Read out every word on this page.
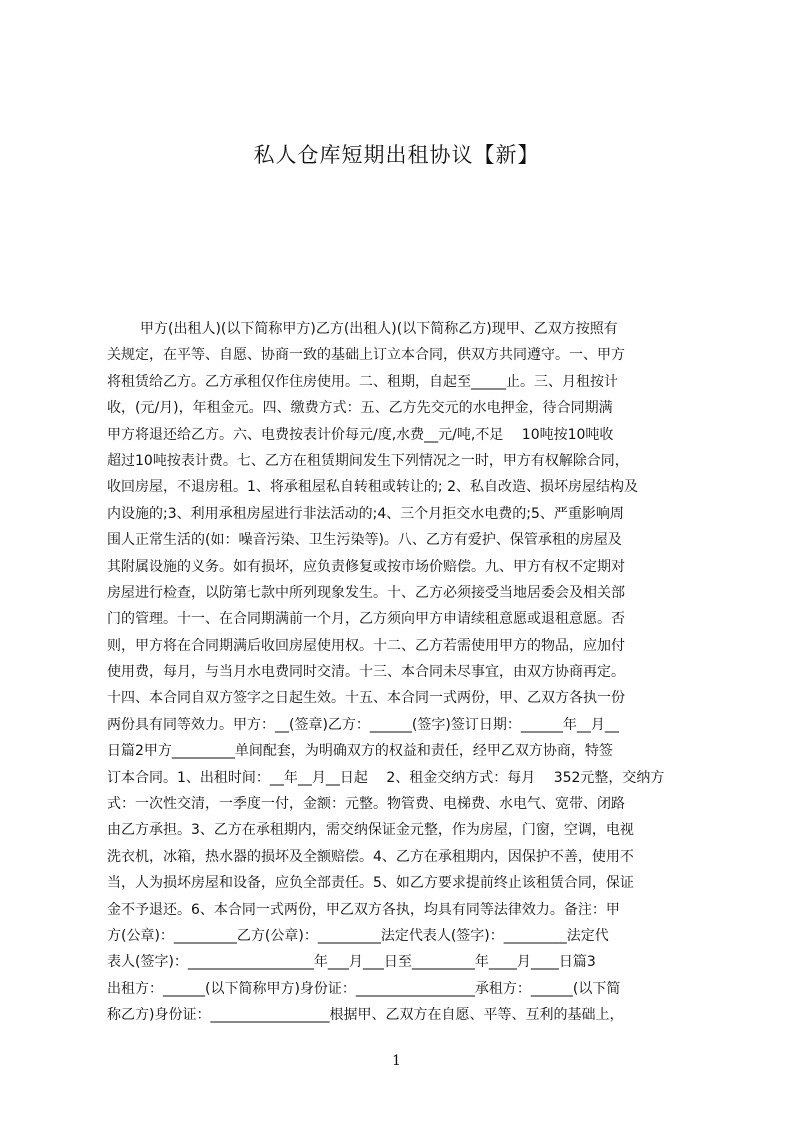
私人仓库短期出租协议【新】
甲方(出租人)(以下简称甲方)乙方(出租人)(以下简称乙方)现甲、乙双方按照有
关规定，在平等、自愿、协商一致的基础上订立本合同，供双方共同遵守。一、甲方
将租赁给乙方。乙方承租仅作住房使用。二、租期，自起至_____止。三、月租按计
收，(元/月)，年租金元。四、缴费方式：五、乙方先交元的水电押金，待合同期满
甲方将退还给乙方。六、电费按表计价每元/度,水费__元/吨,不足　 10吨按10吨收
超过10吨按表计费。七、乙方在租赁期间发生下列情况之一时，甲方有权解除合同，
收回房屋，不退房租。1、将承租屋私自转租或转让的; 2、私自改造、损坏房屋结构及
内设施的;3、利用承租房屋进行非法活动的;4、三个月拒交水电费的;5、严重影响周
围人正常生活的(如：噪音污染、卫生污染等)。八、乙方有爱护、保管承租的房屋及
其附属设施的义务。如有损坏，应负责修复或按市场价赔偿。九、甲方有权不定期对
房屋进行检查，以防第七款中所列现象发生。十、乙方必须接受当地居委会及相关部
门的管理。十一、在合同期满前一个月，乙方须向甲方申请续租意愿或退租意愿。否
则，甲方将在合同期满后收回房屋使用权。十二、乙方若需使用甲方的物品，应加付
使用费，每月，与当月水电费同时交清。十三、本合同未尽事宜，由双方协商再定。
十四、本合同自双方签字之日起生效。十五、本合同一式两份，甲、乙双方各执一份
两份具有同等效力。甲方：__(签章)乙方：______(签字)签订日期：______年__月__
日篇2甲方_________单间配套，为明确双方的权益和责任，经甲乙双方协商，特签
订本合同。1、出租时间：__年__月__日起　 2、租金交纳方式：每月　 352元整，交纳方
式：一次性交清，一季度一付，金额：元整。物管费、电梯费、水电气、宽带、闭路
由乙方承担。3、乙方在承租期内，需交纳保证金元整，作为房屋，门窗，空调，电视
洗衣机，冰箱，热水器的损坏及全额赔偿。4、乙方在承租期内，因保护不善，使用不
当，人为损坏房屋和设备，应负全部责任。5、如乙方要求提前终止该租赁合同，保证
金不予退还。6、本合同一式两份，甲乙双方各执，均具有同等法律效力。备注：甲
方(公章)：_________乙方(公章)：_________法定代表人(签字)：_________法定代
表人(签字)：__________________年___月___日至_________年____月____日篇3
出租方：______(以下简称甲方)身份证：_________________承租方：______(以下简
称乙方)身份证：_________________根据甲、乙双方在自愿、平等、互利的基础上，
1
